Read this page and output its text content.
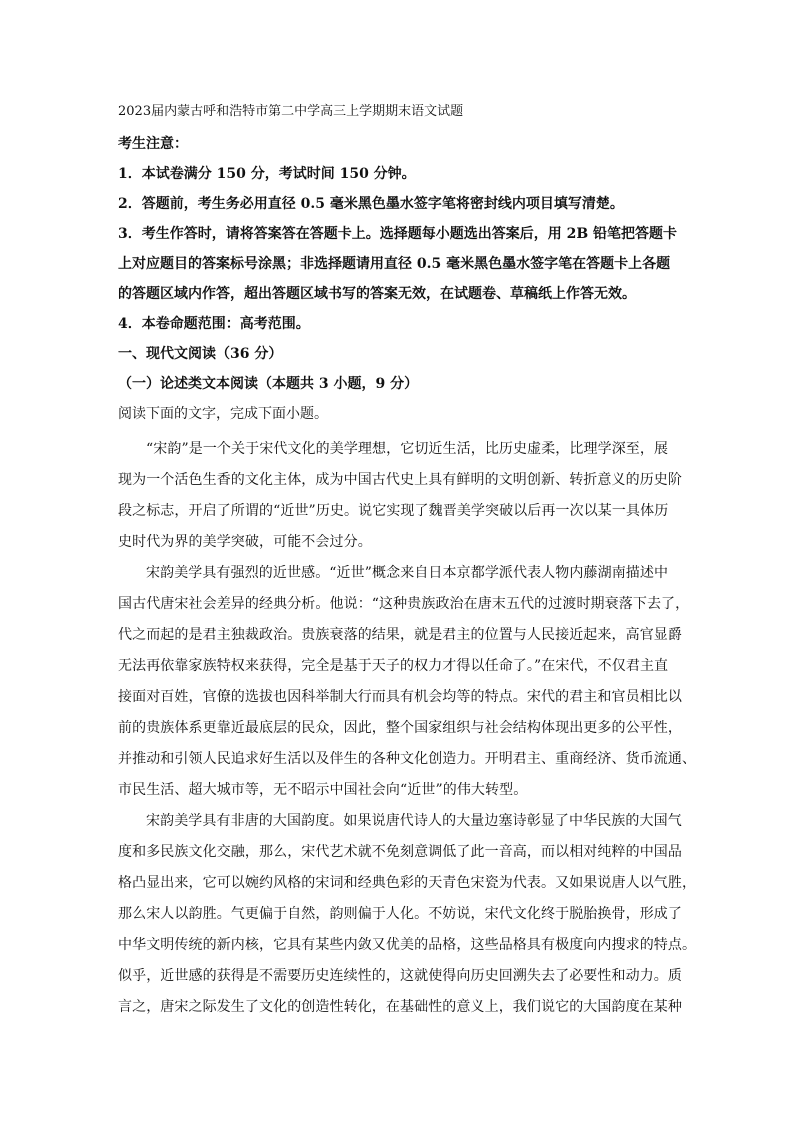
2023届内蒙古呼和浩特市第二中学高三上学期期末语文试题
考生注意：
1．本试卷满分 150 分，考试时间 150 分钟。
2．答题前，考生务必用直径 0.5 毫米黑色墨水签字笔将密封线内项目填写清楚。
3．考生作答时，请将答案答在答题卡上。选择题每小题选出答案后，用 2B 铅笔把答题卡
上对应题目的答案标号涂黑；非选择题请用直径 0.5 毫米黑色墨水签字笔在答题卡上各题
的答题区域内作答，超出答题区域书写的答案无效，在试题卷、草稿纸上作答无效。
4．本卷命题范围：高考范围。
一、现代文阅读（36 分）
（一）论述类文本阅读（本题共 3 小题，9 分）
阅读下面的文字，完成下面小题。
“宋韵”是一个关于宋代文化的美学理想，它切近生活，比历史虚柔，比理学深至，展
现为一个活色生香的文化主体，成为中国古代史上具有鲜明的文明创新、转折意义的历史阶
段之标志，开启了所谓的“近世”历史。说它实现了魏晋美学突破以后再一次以某一具体历
史时代为界的美学突破，可能不会过分。
宋韵美学具有强烈的近世感。“近世”概念来自日本京都学派代表人物内藤湖南描述中
国古代唐宋社会差异的经典分析。他说：“这种贵族政治在唐末五代的过渡时期衰落下去了，
代之而起的是君主独裁政治。贵族衰落的结果，就是君主的位置与人民接近起来，高官显爵
无法再依靠家族特权来获得，完全是基于天子的权力才得以任命了。”在宋代，不仅君主直
接面对百姓，官僚的选拔也因科举制大行而具有机会均等的特点。宋代的君主和官员相比以
前的贵族体系更靠近最底层的民众，因此，整个国家组织与社会结构体现出更多的公平性，
并推动和引领人民追求好生活以及伴生的各种文化创造力。开明君主、重商经济、货币流通、
市民生活、超大城市等，无不昭示中国社会向“近世”的伟大转型。
宋韵美学具有非唐的大国韵度。如果说唐代诗人的大量边塞诗彰显了中华民族的大国气
度和多民族文化交融，那么，宋代艺术就不免刻意调低了此一音高，而以相对纯粹的中国品
格凸显出来，它可以婉约风格的宋词和经典色彩的天青色宋瓷为代表。又如果说唐人以气胜，
那么宋人以韵胜。气更偏于自然，韵则偏于人化。不妨说，宋代文化终于脱胎换骨，形成了
中华文明传统的新内核，它具有某些内敛又优美的品格，这些品格具有极度向内搜求的特点。
似乎，近世感的获得是不需要历史连续性的，这就使得向历史回溯失去了必要性和动力。质
言之，唐宋之际发生了文化的创造性转化，在基础性的意义上，我们说它的大国韵度在某种
